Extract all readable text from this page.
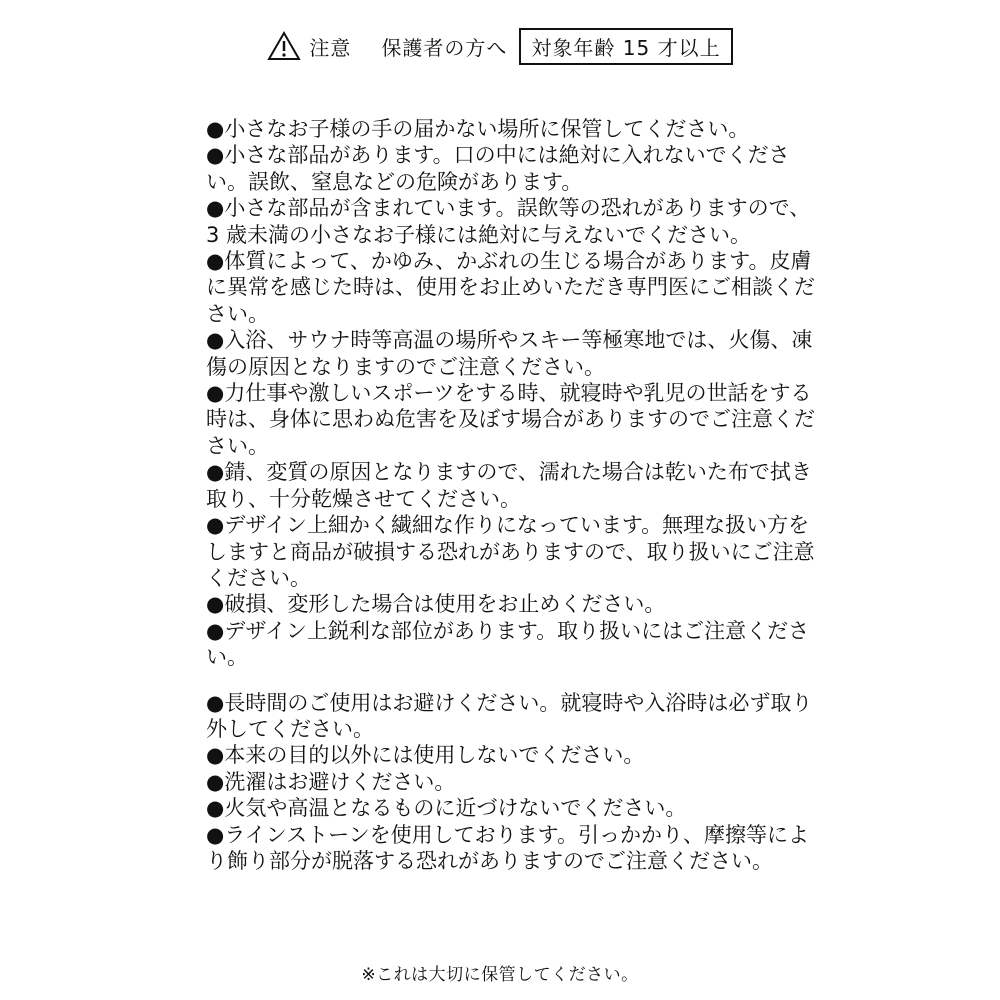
注意 保護者の方へ	対象年齢 15 才以上

●小さなお子様の手の届かない場所に保管してください。

●小さな部品があります。口の中には絶対に入れないでください。誤飲、窒息などの危険があります。

●小さな部品が含まれています。誤飲等の恐れがありますので、3 歳未満の小さなお子様には絶対に与えないでください。

●体質によって、かゆみ、かぶれの生じる場合があります。皮膚に異常を感じた時は、使用をお止めいただき専門医にご相談ください。

●入浴、サウナ時等高温の場所やスキー等極寒地では、火傷、凍傷の原因となりますのでご注意ください。

●力仕事や激しいスポーツをする時、就寝時や乳児の世話をする時は、身体に思わぬ危害を及ぼす場合がありますのでご注意ください。

●錆、変質の原因となりますので、濡れた場合は乾いた布で拭き取り、十分乾燥させてください。

●デザイン上細かく繊細な作りになっています。無理な扱い方をしますと商品が破損する恐れがありますので、取り扱いにご注意ください。

●破損、変形した場合は使用をお止めください。

●デザイン上鋭利な部位があります。取り扱いにはご注意ください。

●長時間のご使用はお避けください。就寝時や入浴時は必ず取り外してください。

●本来の目的以外には使用しないでください。

●洗濯はお避けください。

●火気や高温となるものに近づけないでください。

●ラインストーンを使用しております。引っかかり、摩擦等により飾り部分が脱落する恐れがありますのでご注意ください。

※これは大切に保管してください。
